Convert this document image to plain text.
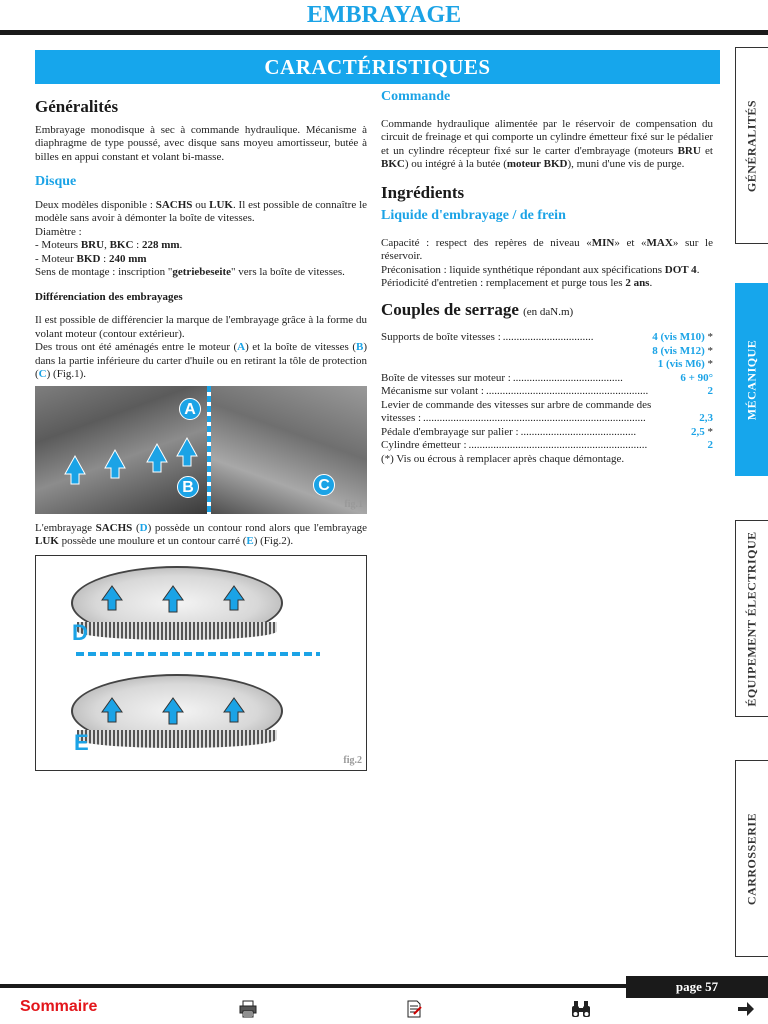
EMBRAYAGE
CARACTÉRISTIQUES
Généralités

Embrayage monodisque à sec à commande hydraulique. Mécanisme à diaphragme de type poussé, avec disque sans moyeu amortisseur, butée à billes en appui constant et volant bi-masse.

Disque

Deux modèles disponible : SACHS ou LUK. Il est possible de connaître le modèle sans avoir à démonter la boîte de vitesses.
Diamètre :
- Moteurs BRU, BKC : 228 mm.
- Moteur BKD : 240 mm
Sens de montage : inscription "getriebeseite" vers la boîte de vitesses.

Différenciation des embrayages

Il est possible de différencier la marque de l'embrayage grâce à la forme du volant moteur (contour extérieur).
Des trous ont été aménagés entre le moteur (A) et la boîte de vitesses (B) dans la partie inférieure du carter d'huile ou en retirant la tôle de protection (C) (Fig.1).

A
B	C
fig.1

L'embrayage SACHS (D) possède un contour rond alors que l'embrayage LUK possède une moulure et un contour carré (E) (Fig.2).

D
E
fig.2
Commande

Commande hydraulique alimentée par le réservoir de compensation du circuit de freinage et qui comporte un cylindre émetteur fixé sur le pédalier et un cylindre récepteur fixé sur le carter d'embrayage (moteurs BRU et BKC) ou intégré à la butée (moteur BKD), muni d'une vis de purge.

Ingrédients
Liquide d'embrayage / de frein

Capacité : respect des repères de niveau «MIN» et «MAX» sur le réservoir.
Préconisation : liquide synthétique répondant aux spécifications DOT 4.
Périodicité d'entretien : remplacement et purge tous les 2 ans.

Couples de serrage (en daN.m)
Supports de boîte vitesses : .................................	4 (vis M10) *
8 (vis M12) *
1 (vis M6) *
Boîte de vitesses sur moteur : ........................................	6 + 90°
Mécanisme sur volant : ...........................................................	2
Levier de commande des vitesses sur arbre de commande des
vitesses : .................................................................................	2,3
Pédale d'embrayage sur palier : ..........................................	2,5 *
Cylindre émetteur : .................................................................	2
(*) Vis ou écrous à remplacer après chaque démontage.
GÉNÉRALITÉS
MÉCANIQUE
ÉQUIPEMENT ÉLECTRIQUE
CARROSSERIE
page 57
Sommaire
